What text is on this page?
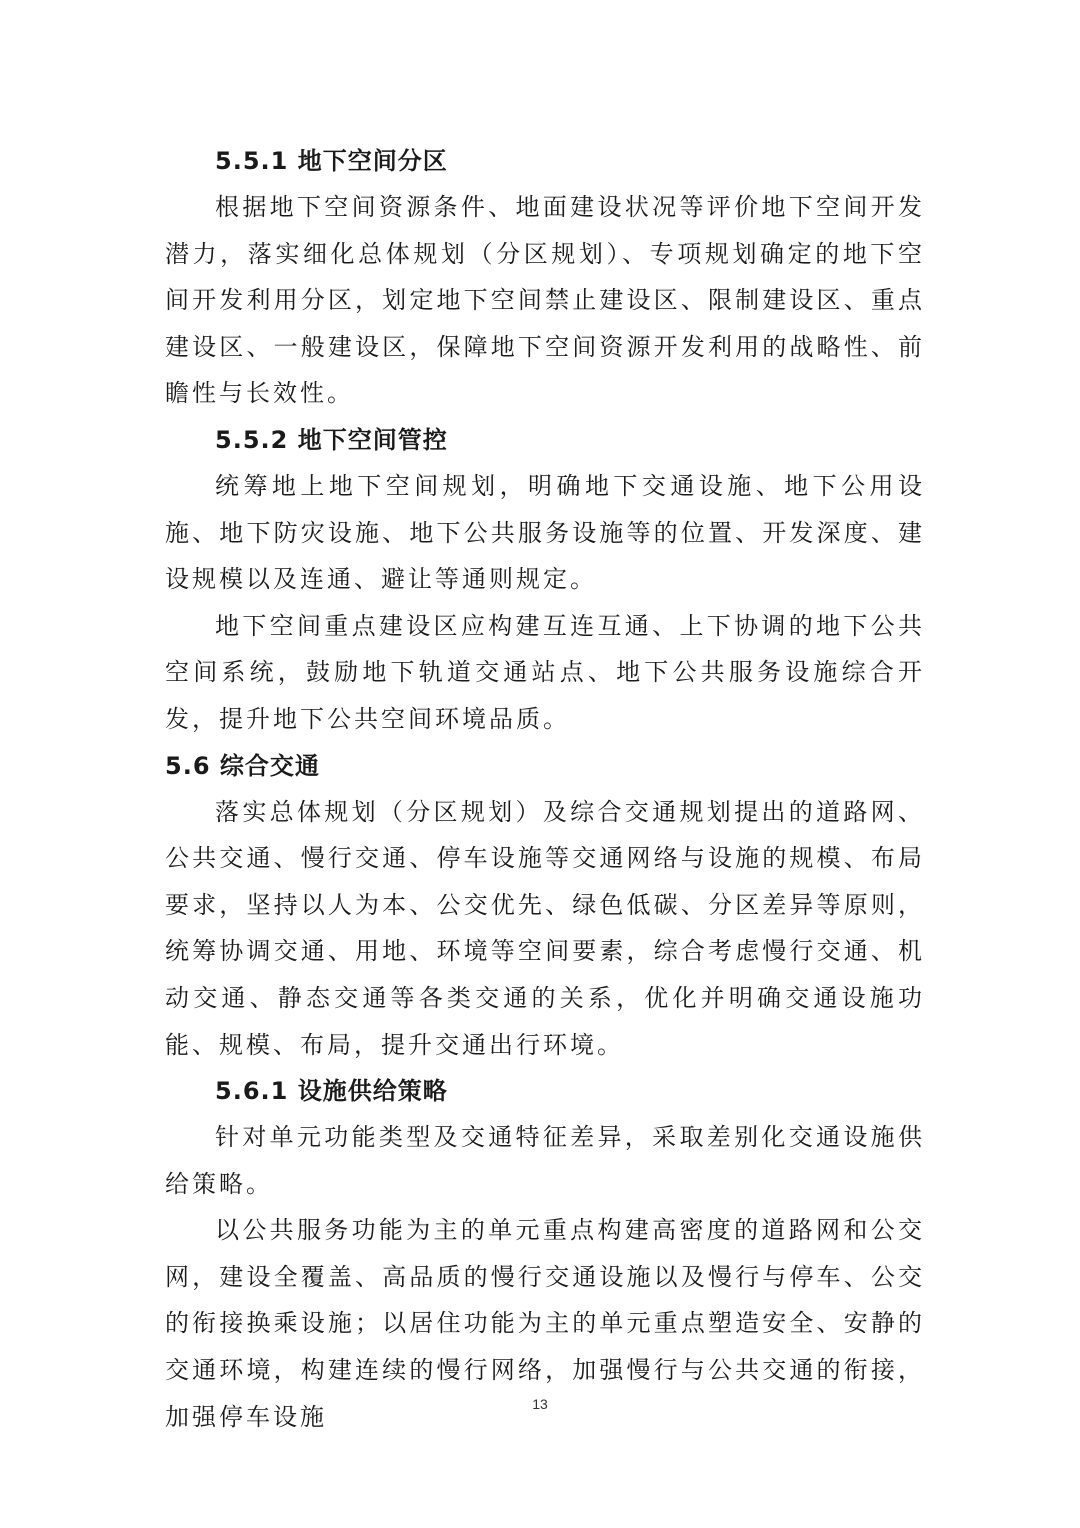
5.5.1 地下空间分区

根据地下空间资源条件、地面建设状况等评价地下空间开发潜力，落实细化总体规划（分区规划）、专项规划确定的地下空间开发利用分区，划定地下空间禁止建设区、限制建设区、重点建设区、一般建设区，保障地下空间资源开发利用的战略性、前瞻性与长效性。

5.5.2 地下空间管控

统筹地上地下空间规划，明确地下交通设施、地下公用设施、地下防灾设施、地下公共服务设施等的位置、开发深度、建设规模以及连通、避让等通则规定。

地下空间重点建设区应构建互连互通、上下协调的地下公共空间系统，鼓励地下轨道交通站点、地下公共服务设施综合开发，提升地下公共空间环境品质。

5.6 综合交通

落实总体规划（分区规划）及综合交通规划提出的道路网、公共交通、慢行交通、停车设施等交通网络与设施的规模、布局要求，坚持以人为本、公交优先、绿色低碳、分区差异等原则，统筹协调交通、用地、环境等空间要素，综合考虑慢行交通、机动交通、静态交通等各类交通的关系，优化并明确交通设施功能、规模、布局，提升交通出行环境。

5.6.1 设施供给策略

针对单元功能类型及交通特征差异，采取差别化交通设施供给策略。

以公共服务功能为主的单元重点构建高密度的道路网和公交网，建设全覆盖、高品质的慢行交通设施以及慢行与停车、公交的衔接换乘设施；以居住功能为主的单元重点塑造安全、安静的交通环境，构建连续的慢行网络，加强慢行与公共交通的衔接，加强停车设施	13
